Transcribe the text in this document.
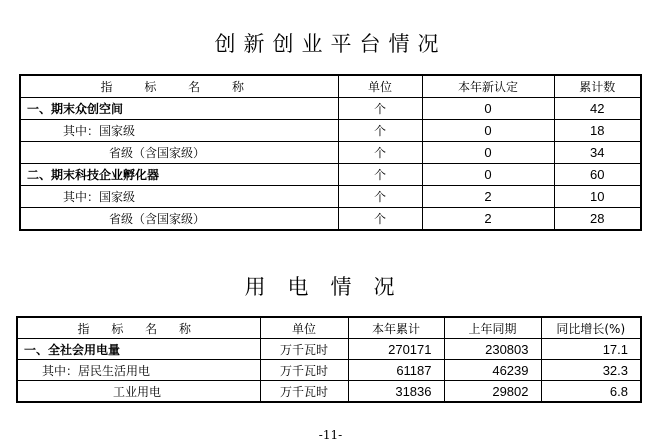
创新创业平台情况
指 标 名 称	单位	本年新认定	累计数
一、期末众创空间	个	0	42
其中：国家级	个	0	18
省级（含国家级）	个	0	34
二、期末科技企业孵化器	个	0	60
其中：国家级	个	2	10
省级（含国家级）	个	2	28
用电情况
指 标 名 称	单位	本年累计	上年同期	同比增长(%)
一、全社会用电量	万千瓦时	270171	230803	17.1
其中：居民生活用电	万千瓦时	61187	46239	32.3
工业用电	万千瓦时	31836	29802	6.8
-11-
